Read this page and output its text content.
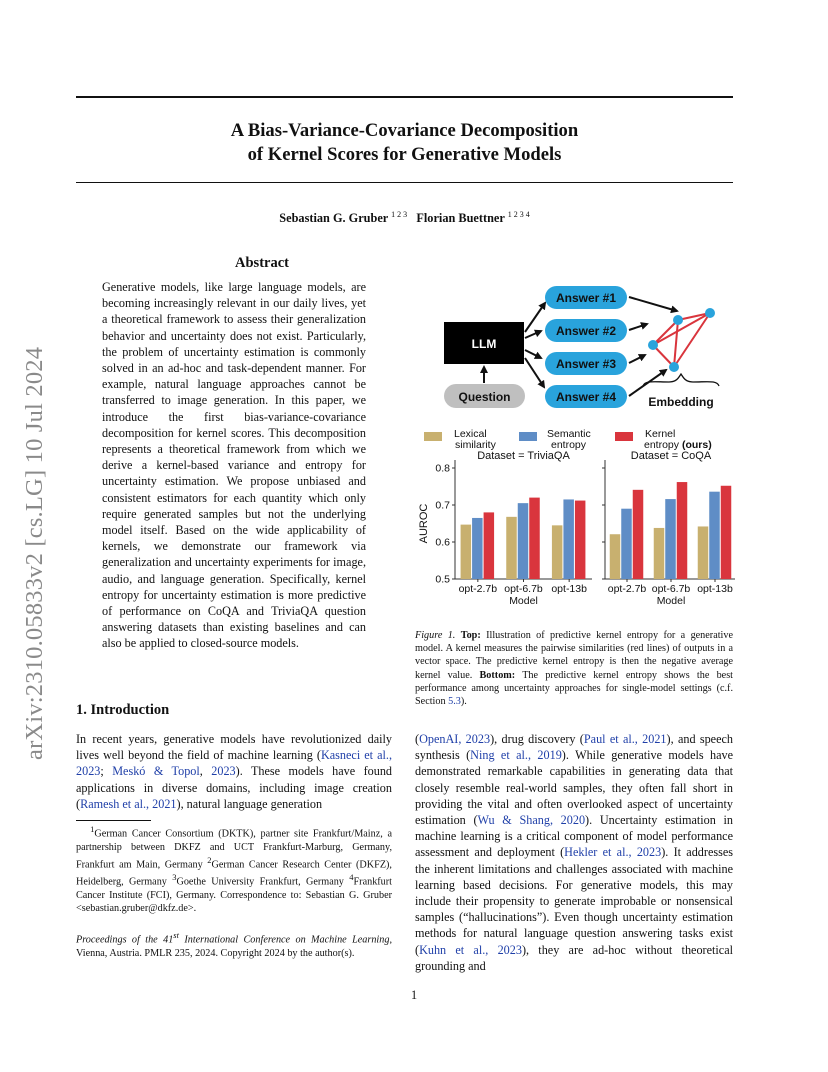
A Bias-Variance-Covariance Decomposition
of Kernel Scores for Generative Models
Sebastian G. Gruber $^{1 2 3}$ Florian Buettner $^{1 2 3 4}$
arXiv:2310.05833v2 [cs.LG] 10 Jul 2024
Abstract
Generative models, like large language models, are becoming increasingly relevant in our daily lives, yet a theoretical framework to assess their generalization behavior and uncertainty does not exist. Particularly, the problem of uncertainty estimation is commonly solved in an ad-hoc and task-dependent manner. For example, natural language approaches cannot be transferred to image generation. In this paper, we introduce the first bias-variance-covariance decomposition for kernel scores. This decomposition represents a theoretical framework from which we derive a kernel-based variance and entropy for uncertainty estimation. We propose unbiased and consistent estimators for each quantity which only require generated samples but not the underlying model itself. Based on the wide applicability of kernels, we demonstrate our framework via generalization and uncertainty experiments for image, audio, and language generation. Specifically, kernel entropy for uncertainty estimation is more predictive of performance on CoQA and TriviaQA question answering datasets than existing baselines and can also be applied to closed-source models.
1. Introduction
In recent years, generative models have revolutionized daily lives well beyond the field of machine learning (Kasneci et al., 2023; Meskó & Topol, 2023). These models have found applications in diverse domains, including image creation (Ramesh et al., 2021), natural language generation
$^1$German Cancer Consortium (DKTK), partner site Frankfurt/Mainz, a partnership between DKFZ and UCT Frankfurt-Marburg, Germany, Frankfurt am Main, Germany $^2$German Cancer Research Center (DKFZ), Heidelberg, Germany $^3$Goethe University Frankfurt, Germany $^4$Frankfurt Cancer Institute (FCI), Germany. Correspondence to: Sebastian G. Gruber <sebastian.gruber@dkfz.de>.
Proceedings of the 41st International Conference on Machine Learning, Vienna, Austria. PMLR 235, 2024. Copyright 2024 by the author(s).
(OpenAI, 2023), drug discovery (Paul et al., 2021), and speech synthesis (Ning et al., 2019). While generative models have demonstrated remarkable capabilities in generating data that closely resemble real-world samples, they often fall short in providing the vital and often overlooked aspect of uncertainty estimation (Wu & Shang, 2020). Uncertainty estimation in machine learning is a critical component of model performance assessment and deployment (Hekler et al., 2023). It addresses the inherent limitations and challenges associated with machine learning based decisions. For generative models, this may include their propensity to generate improbable or nonsensical samples (“hallucinations”). Even though uncertainty estimation methods for natural language question answering tasks exist (Kuhn et al., 2023), they are ad-hoc without theoretical grounding and
LLM
Question
Answer #1
Answer #2
Answer #3
Answer #4	Embedding
Lexical
similarity
Semantic
entropy
Kernel
entropy (ours)
Dataset = TriviaQA
0.5
0.6
0.7
0.8
opt-2.7b opt-6.7b opt-13b
Model
AUROC
Dataset = CoQA
opt-2.7b opt-6.7b opt-13b
Model
Figure 1. Top: Illustration of predictive kernel entropy for a generative model. A kernel measures the pairwise similarities (red lines) of outputs in a vector space. The predictive kernel entropy is then the negative average kernel value. Bottom: The predictive kernel entropy shows the best performance among uncertainty approaches for single-model settings (c.f. Section 5.3).
1
